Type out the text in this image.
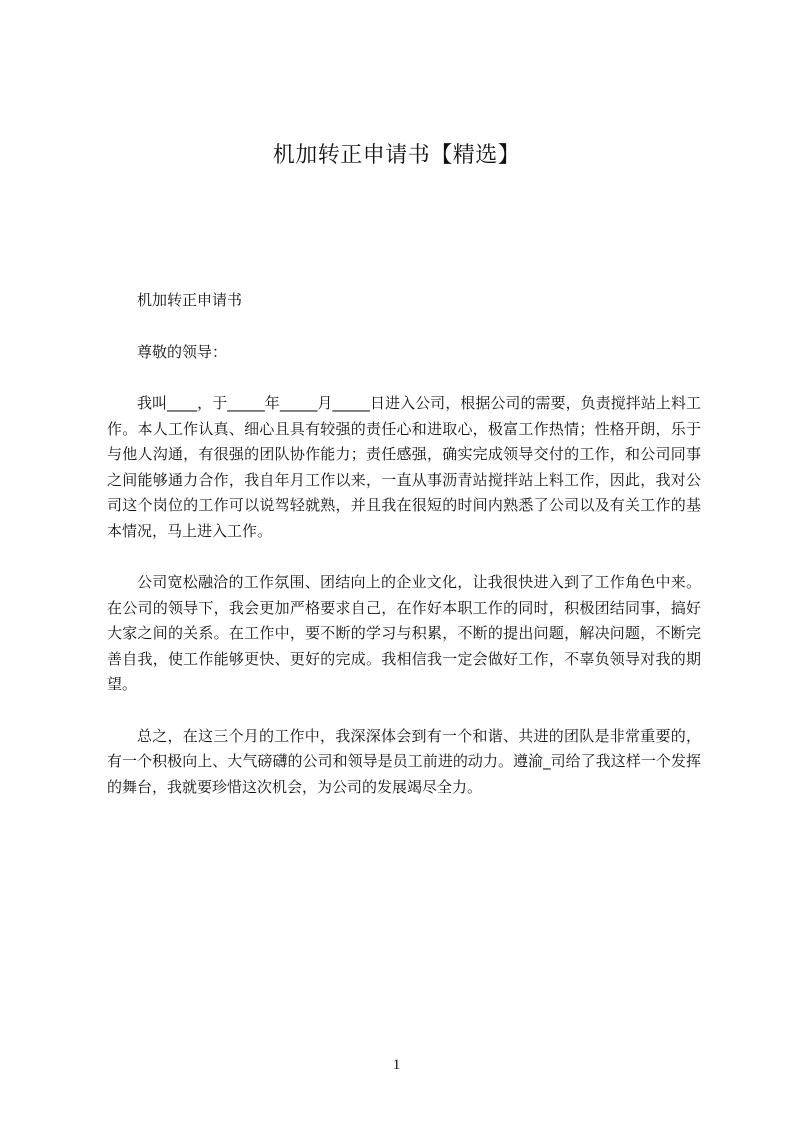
机加转正申请书【精选】

机加转正申请书

尊敬的领导：

我叫____，于_____年_____月_____日进入公司，根据公司的需要，负责搅拌站上料工作。本人工作认真、细心且具有较强的责任心和进取心，极富工作热情；性格开朗，乐于与他人沟通，有很强的团队协作能力；责任感强，确实完成领导交付的工作，和公司同事之间能够通力合作，我自年月工作以来，一直从事沥青站搅拌站上料工作，因此，我对公司这个岗位的工作可以说驾轻就熟，并且我在很短的时间内熟悉了公司以及有关工作的基本情况，马上进入工作。

公司宽松融洽的工作氛围、团结向上的企业文化，让我很快进入到了工作角色中来。在公司的领导下，我会更加严格要求自己，在作好本职工作的同时，积极团结同事，搞好大家之间的关系。在工作中，要不断的学习与积累，不断的提出问题，解决问题，不断完善自我，使工作能够更快、更好的完成。我相信我一定会做好工作，不辜负领导对我的期望。

总之，在这三个月的工作中，我深深体会到有一个和谐、共进的团队是非常重要的，有一个积极向上、大气磅礴的公司和领导是员工前进的动力。遵渝_司给了我这样一个发挥的舞台，我就要珍惜这次机会，为公司的发展竭尽全力。

1
